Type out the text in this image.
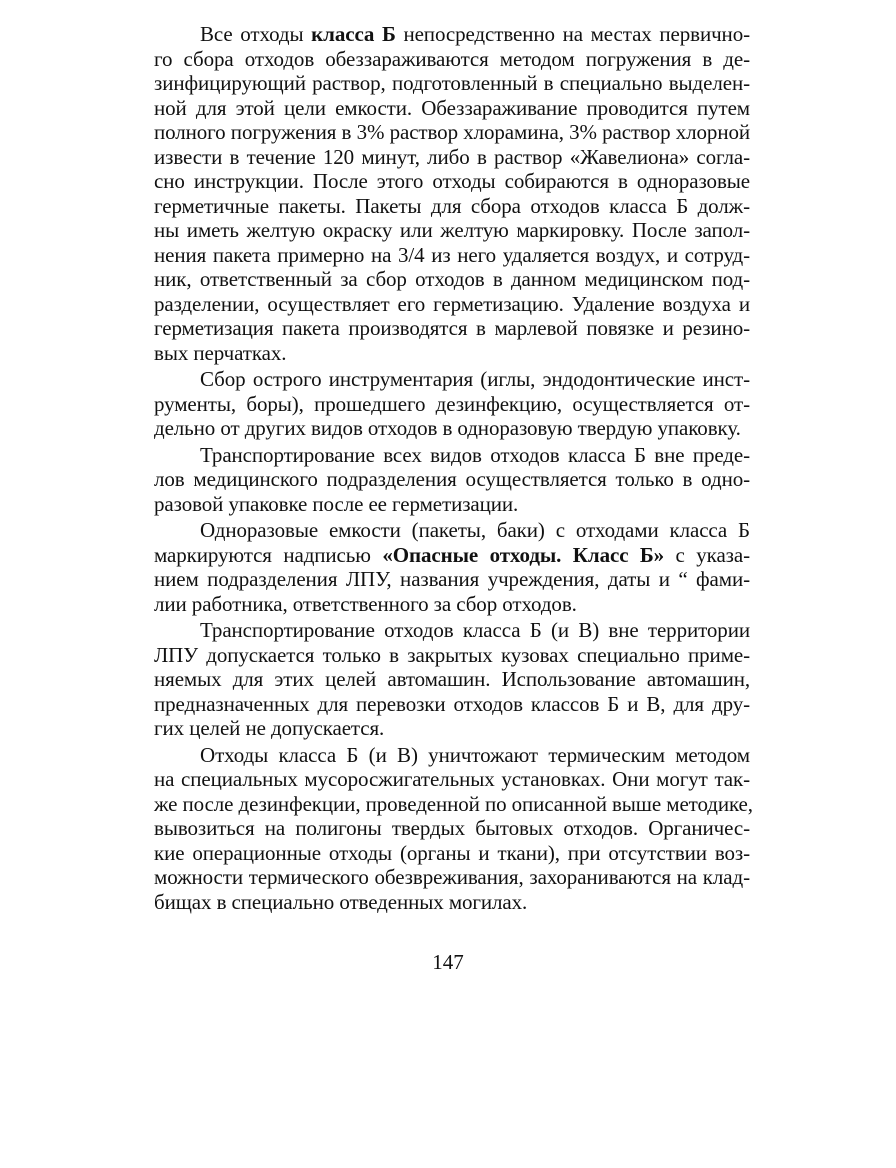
Все отходы класса Б непосредственно на местах первично-
го сбора отходов обеззараживаются методом погружения в де-
зинфицирующий раствор, подготовленный в специально выделен-
ной для этой цели емкости. Обеззараживание проводится путем
полного погружения в 3% раствор хлорамина, 3% раствор хлорной
извести в течение 120 минут, либо в раствор «Жавелиона» согла-
сно инструкции. После этого отходы собираются в одноразовые
герметичные пакеты. Пакеты для сбора отходов класса Б долж-
ны иметь желтую окраску или желтую маркировку. После запол-
нения пакета примерно на 3/4 из него удаляется воздух, и сотруд-
ник, ответственный за сбор отходов в данном медицинском под-
разделении, осуществляет его герметизацию. Удаление воздуха и
герметизация пакета производятся в марлевой повязке и резино-
вых перчатках.

Сбор острого инструментария (иглы, эндодонтические инст-
рументы, боры), прошедшего дезинфекцию, осуществляется от-
дельно от других видов отходов в одноразовую твердую упаковку.

Транспортирование всех видов отходов класса Б вне преде-
лов медицинского подразделения осуществляется только в одно-
разовой упаковке после ее герметизации.

Одноразовые емкости (пакеты, баки) с отходами класса Б
маркируются надписью «Опасные отходы. Класс Б» с указа-
нием подразделения ЛПУ, названия учреждения, даты и “ фами-
лии работника, ответственного за сбор отходов.

Транспортирование отходов класса Б (и В) вне территории
ЛПУ допускается только в закрытых кузовах специально приме-
няемых для этих целей автомашин. Использование автомашин,
предназначенных для перевозки отходов классов Б и В, для дру-
гих целей не допускается.

Отходы класса Б (и В) уничтожают термическим методом
на специальных мусоросжигательных установках. Они могут так-
же после дезинфекции, проведенной по описанной выше методике,
вывозиться на полигоны твердых бытовых отходов. Органичес-
кие операционные отходы (органы и ткани), при отсутствии воз-
можности термического обезвреживания, захораниваются на клад-
бищах в специально отведенных могилах.

147
